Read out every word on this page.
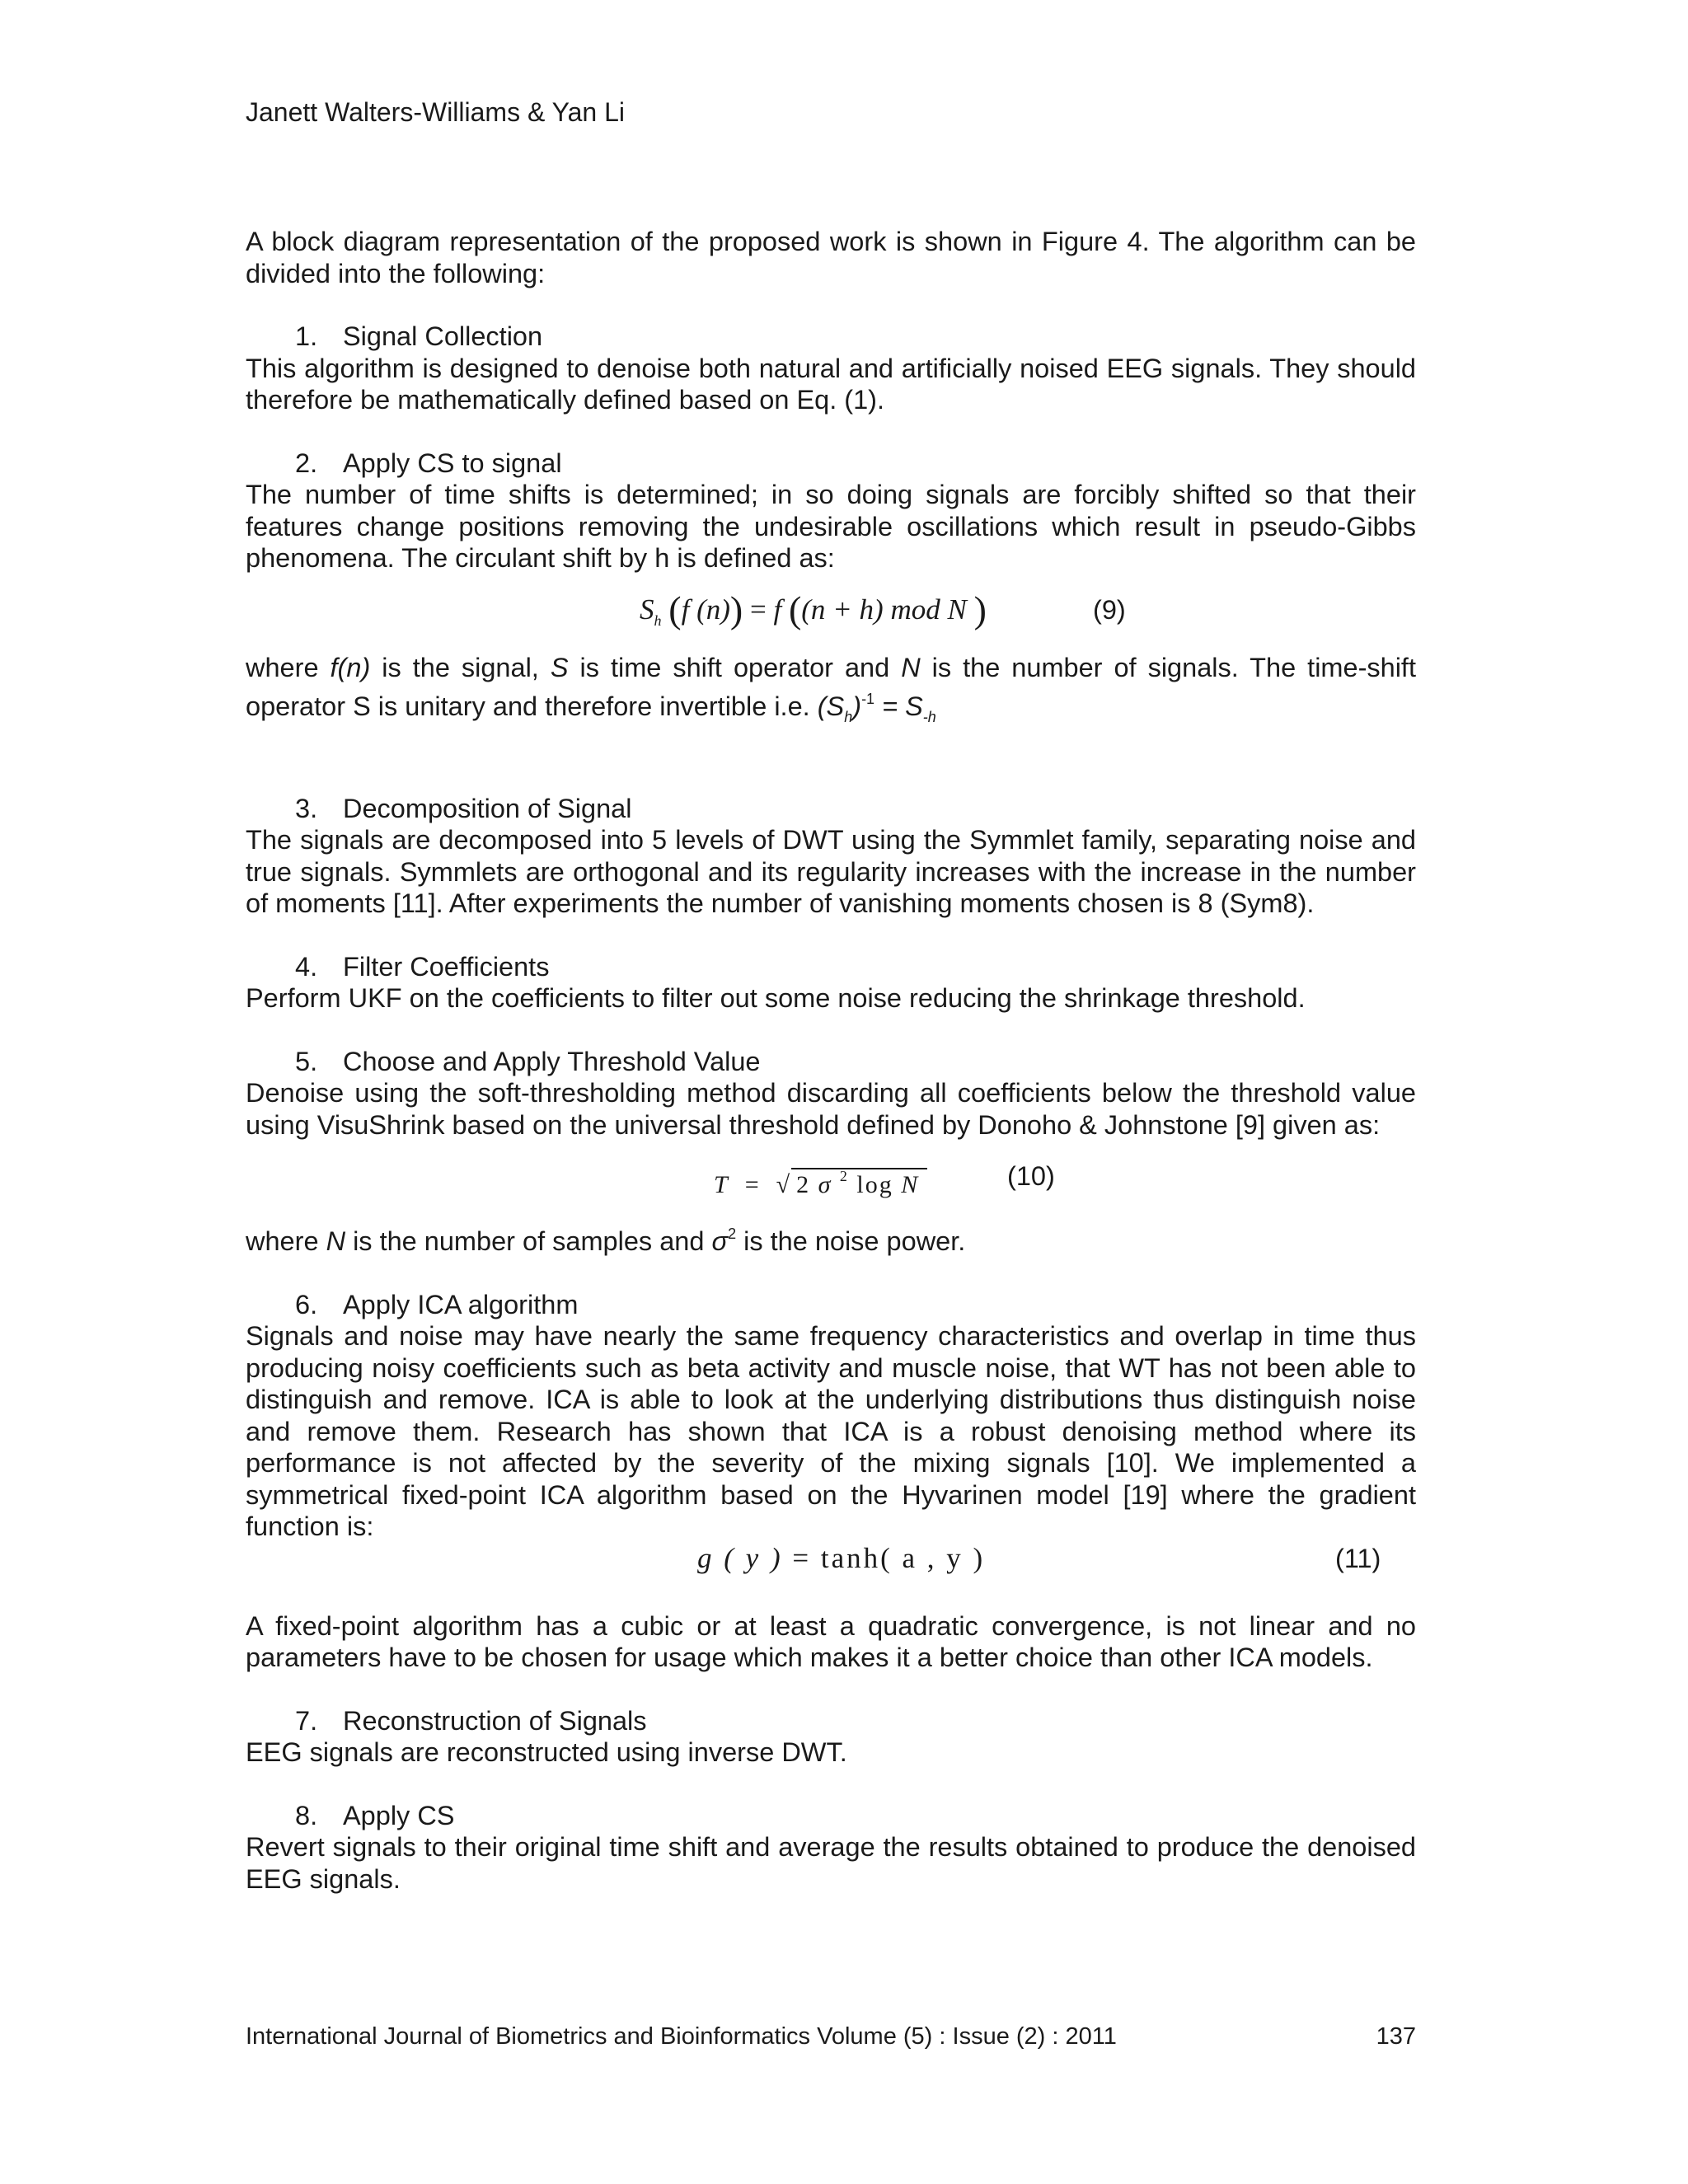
Janett Walters-Williams & Yan Li

A block diagram representation of the proposed work is shown in Figure 4. The algorithm can be divided into the following:

1. Signal Collection

This algorithm is designed to denoise both natural and artificially noised EEG signals. They should therefore be mathematically defined based on Eq. (1).

2. Apply CS to signal

The number of time shifts is determined; in so doing signals are forcibly shifted so that their features change positions removing the undesirable oscillations which result in pseudo-Gibbs phenomena. The circulant shift by h is defined as:

$S_h$ (f (n)) = f ((n + h) mod N )	(9)

where f(n) is the signal, S is time shift operator and N is the number of signals. The time-shift operator S is unitary and therefore invertible i.e. $(S_h)^{-1} = S_{-h}$

3. Decomposition of Signal

The signals are decomposed into 5 levels of DWT using the Symmlet family, separating noise and true signals. Symmlets are orthogonal and its regularity increases with the increase in the number of moments [11]. After experiments the number of vanishing moments chosen is 8 (Sym8).

4. Filter Coefficients

Perform UKF on the coefficients to filter out some noise reducing the shrinkage threshold.

5. Choose and Apply Threshold Value

Denoise using the soft-thresholding method discarding all coefficients below the threshold value using VisuShrink based on the universal threshold defined by Donoho & Johnstone [9] given as:

T = √ 2 σ $^2$ log N	(10)

where N is the number of samples and $\sigma^2$ is the noise power.

6. Apply ICA algorithm

Signals and noise may have nearly the same frequency characteristics and overlap in time thus producing noisy coefficients such as beta activity and muscle noise, that WT has not been able to distinguish and remove. ICA is able to look at the underlying distributions thus distinguish noise and remove them. Research has shown that ICA is a robust denoising method where its performance is not affected by the severity of the mixing signals [10]. We implemented a symmetrical fixed-point ICA algorithm based on the Hyvarinen model [19] where the gradient function is:

g ( y ) = tanh( a , y )	(11)

A fixed-point algorithm has a cubic or at least a quadratic convergence, is not linear and no parameters have to be chosen for usage which makes it a better choice than other ICA models.

7. Reconstruction of Signals

EEG signals are reconstructed using inverse DWT.

8. Apply CS

Revert signals to their original time shift and average the results obtained to produce the denoised EEG signals.

International Journal of Biometrics and Bioinformatics Volume (5) : Issue (2) : 2011	137
